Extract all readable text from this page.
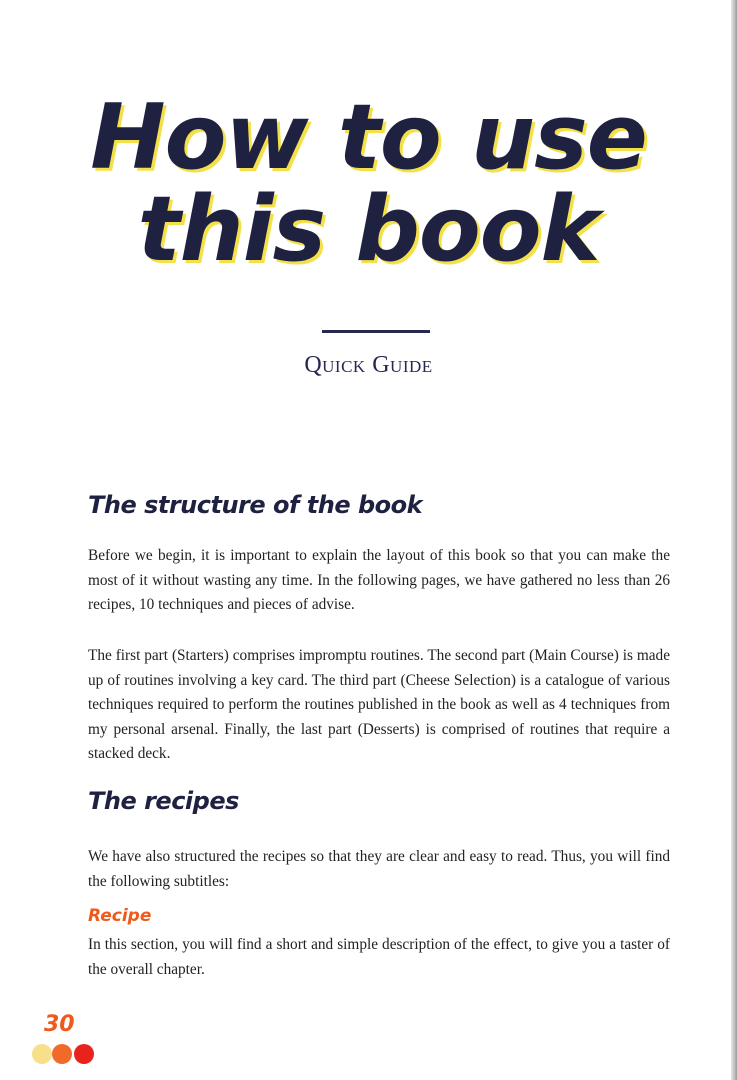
How to use
this book
Quick Guide
The structure of the book

Before we begin, it is important to explain the layout of this book so that you can make the most of it without wasting any time. In the following pages, we have gathered no less than 26 recipes, 10 techniques and pieces of advise.

The first part (Starters) comprises impromptu routines. The second part (Main Course) is made up of routines involving a key card. The third part (Cheese Selection) is a catalogue of various techniques required to perform the routines published in the book as well as 4 techniques from my personal arsenal. Finally, the last part (Desserts) is comprised of routines that require a stacked deck.

The recipes

We have also structured the recipes so that they are clear and easy to read. Thus, you will find the following subtitles:

Recipe

In this section, you will find a short and simple description of the effect, to give you a taster of the overall chapter.

30
